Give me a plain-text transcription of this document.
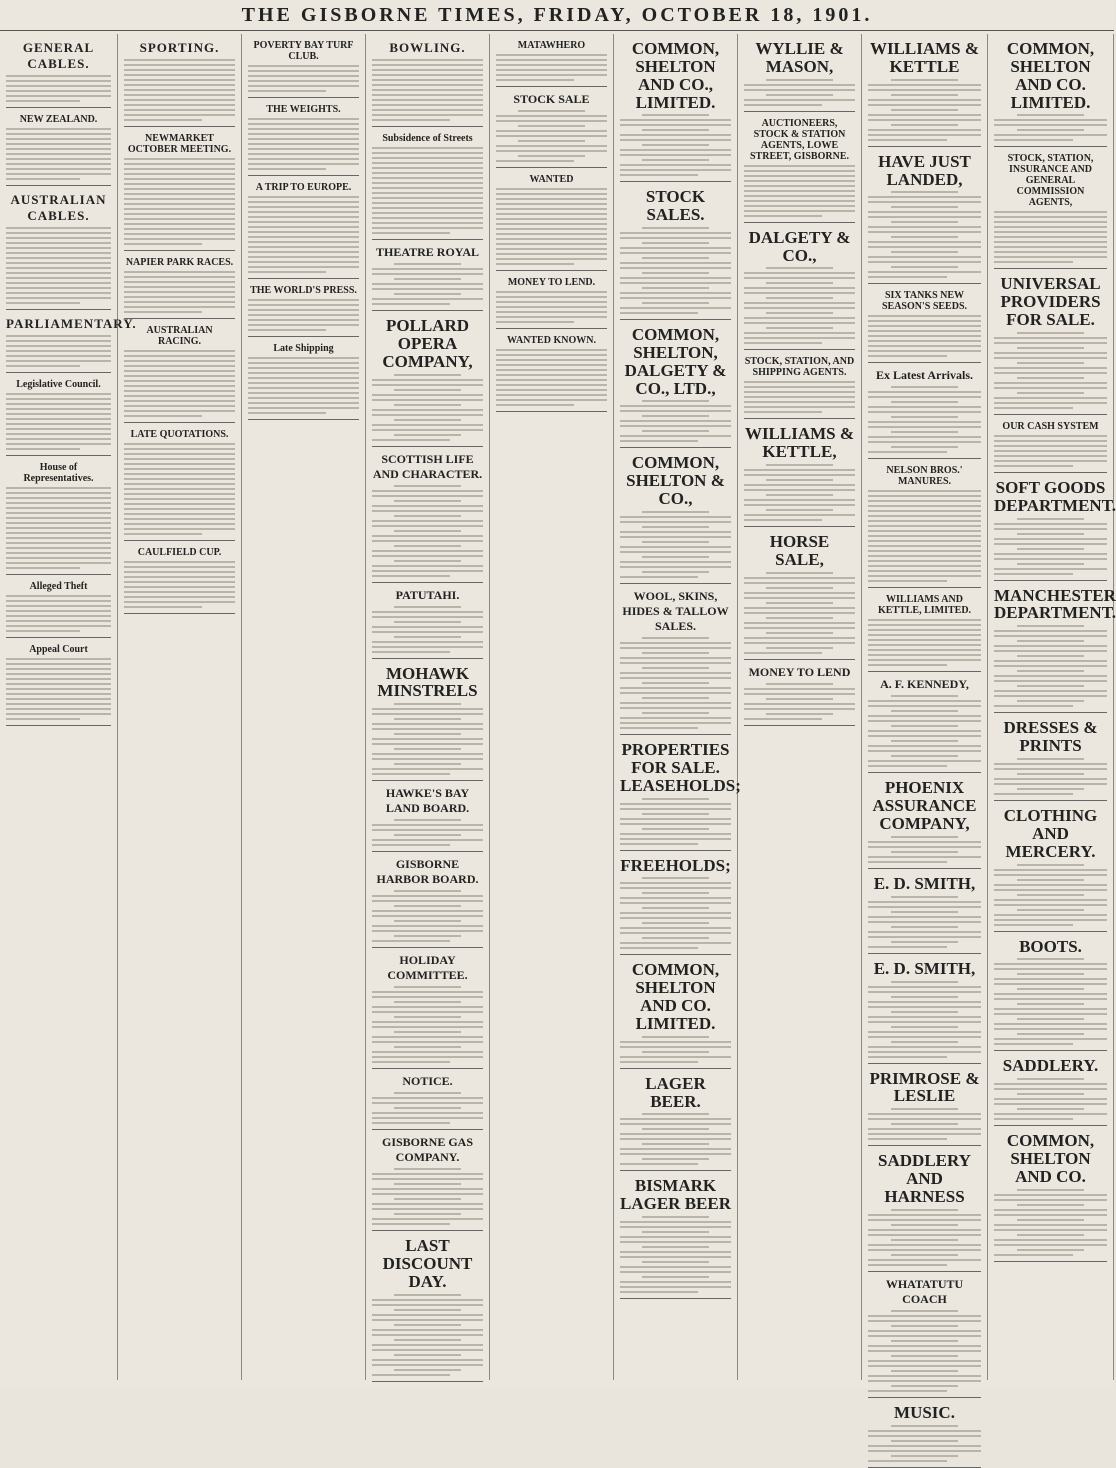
THE GISBORNE TIMES, FRIDAY, OCTOBER 18, 1901.
GENERAL CABLES.
NEW ZEALAND.
AUSTRALIAN CABLES.
PARLIAMENTARY.
Legislative Council.
House of Representatives.
Alleged Theft
Appeal Court
SPORTING.
NEWMARKET OCTOBER MEETING.
NAPIER PARK RACES.
AUSTRALIAN RACING.
LATE QUOTATIONS.
CAULFIELD CUP.
POVERTY BAY TURF CLUB.
THE WEIGHTS.
A TRIP TO EUROPE.
THE WORLD'S PRESS.
Late Shipping
BOWLING.
Subsidence of Streets
THEATRE ROYAL
POLLARD OPERA COMPANY,
SCOTTISH LIFE AND CHARACTER.
PATUTAHI.
MOHAWK MINSTRELS
HAWKE'S BAY LAND BOARD.
GISBORNE HARBOR BOARD.
HOLIDAY COMMITTEE.
NOTICE.
GISBORNE GAS COMPANY.
LAST DISCOUNT DAY.
MATAWHERO
STOCK SALE
WANTED
MONEY TO LEND.
WANTED KNOWN.
COMMON, SHELTON AND CO., LIMITED.
STOCK SALES.
COMMON, SHELTON, DALGETY & CO., LTD.,
COMMON, SHELTON & CO.,
WOOL, SKINS, HIDES & TALLOW SALES.
PROPERTIES FOR SALE. LEASEHOLDS;
FREEHOLDS;
COMMON, SHELTON AND CO. LIMITED.
LAGER BEER.
BISMARK LAGER BEER
WYLLIE & MASON,
AUCTIONEERS, STOCK & STATION AGENTS, LOWE STREET, GISBORNE.
DALGETY & CO.,
STOCK, STATION, AND SHIPPING AGENTS.
WILLIAMS & KETTLE,
HORSE SALE,
MONEY TO LEND
WILLIAMS & KETTLE
HAVE JUST LANDED,
SIX TANKS NEW SEASON'S SEEDS.
Ex Latest Arrivals.
NELSON BROS.' MANURES.
WILLIAMS AND KETTLE, LIMITED.
A. F. KENNEDY,
PHOENIX ASSURANCE COMPANY,
E. D. SMITH,
E. D. SMITH,
PRIMROSE & LESLIE
SADDLERY AND HARNESS
WHATATUTU COACH
MUSIC.
COMMON, SHELTON AND CO. LIMITED.
STOCK, STATION, INSURANCE AND GENERAL COMMISSION AGENTS,
UNIVERSAL PROVIDERS FOR SALE.
OUR CASH SYSTEM
SOFT GOODS DEPARTMENT.
MANCHESTER DEPARTMENT.
DRESSES & PRINTS
CLOTHING AND MERCERY.
BOOTS.
SADDLERY.
COMMON, SHELTON AND CO.
